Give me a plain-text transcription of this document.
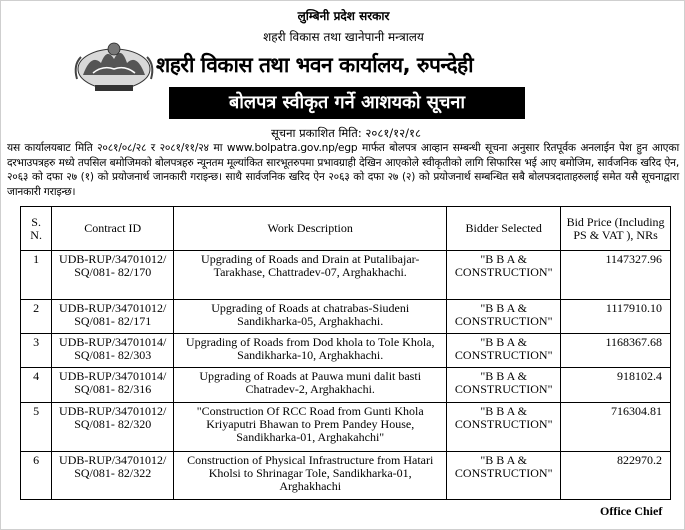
लुम्बिनी प्रदेश सरकार
शहरी विकास तथा खानेपानी मन्त्रालय
शहरी विकास तथा भवन कार्यालय, रुपन्देही
बोलपत्र स्वीकृत गर्ने आशयको सूचना
सूचना प्रकाशित मिति: २०८१/१२/१८
यस कार्यालयबाट मिति २०८१/०८/२८ र २०८१/११/२४ मा www.bolpatra.gov.np/egp मार्फत बोलपत्र आव्हान सम्बन्धी सूचना अनुसार रितपूर्वक अनलाईन पेश हुन आएका दरभाउपत्रहरु मध्ये तपसिल बमोजिमको बोलपत्रहरु न्यूनतम मूल्यांकित सारभूतरुपमा प्रभावग्राही देखिन आएकोले स्वीकृतीको लागि सिफारिस भई आए बमोजिम, सार्वजनिक खरिद ऐन, २०६३ को दफा २७ (१) को प्रयोजनार्थ जानकारी गराइन्छ। साथै सार्वजनिक खरिद ऐन २०६३ को दफा २७ (२) को प्रयोजनार्थ सम्बन्धित सबै बोलपत्रदाताहरुलाई समेत यसै सूचनाद्वारा जानकारी गराइन्छ।
S. N.	Contract ID	Work Description	Bidder Selected	Bid Price (Including PS & VAT ), NRs
1	UDB-RUP/34701012/ SQ/081- 82/170	Upgrading of Roads and Drain at Putalibajar-Tarakhase, Chattradev-07, Arghakhachi.	"B B A & CONSTRUCTION"	1147327.96
2	UDB-RUP/34701012/ SQ/081- 82/171	Upgrading of Roads at chatrabas-Siudeni Sandikharka-05, Arghakhachi.	"B B A & CONSTRUCTION"	1117910.10
3	UDB-RUP/34701014/ SQ/081- 82/303	Upgrading of Roads from Dod khola to Tole Khola, Sandikharka-10, Arghakhachi.	"B B A & CONSTRUCTION"	1168367.68
4	UDB-RUP/34701014/ SQ/081- 82/316	Upgrading of Roads at Pauwa muni dalit basti Chatradev-2, Arghakhachi.	"B B A & CONSTRUCTION"	918102.4
5	UDB-RUP/34701012/ SQ/081- 82/320	"Construction Of RCC Road from Gunti Khola Kriyaputri Bhawan to Prem Pandey House, Sandikharka-01, Arghakahchi"	"B B A & CONSTRUCTION"	716304.81
6	UDB-RUP/34701012/ SQ/081- 82/322	Construction of Physical Infrastructure from Hatari Kholsi to Shrinagar Tole, Sandikharka-01, Arghakhachi	"B B A & CONSTRUCTION"	822970.2
Office Chief
